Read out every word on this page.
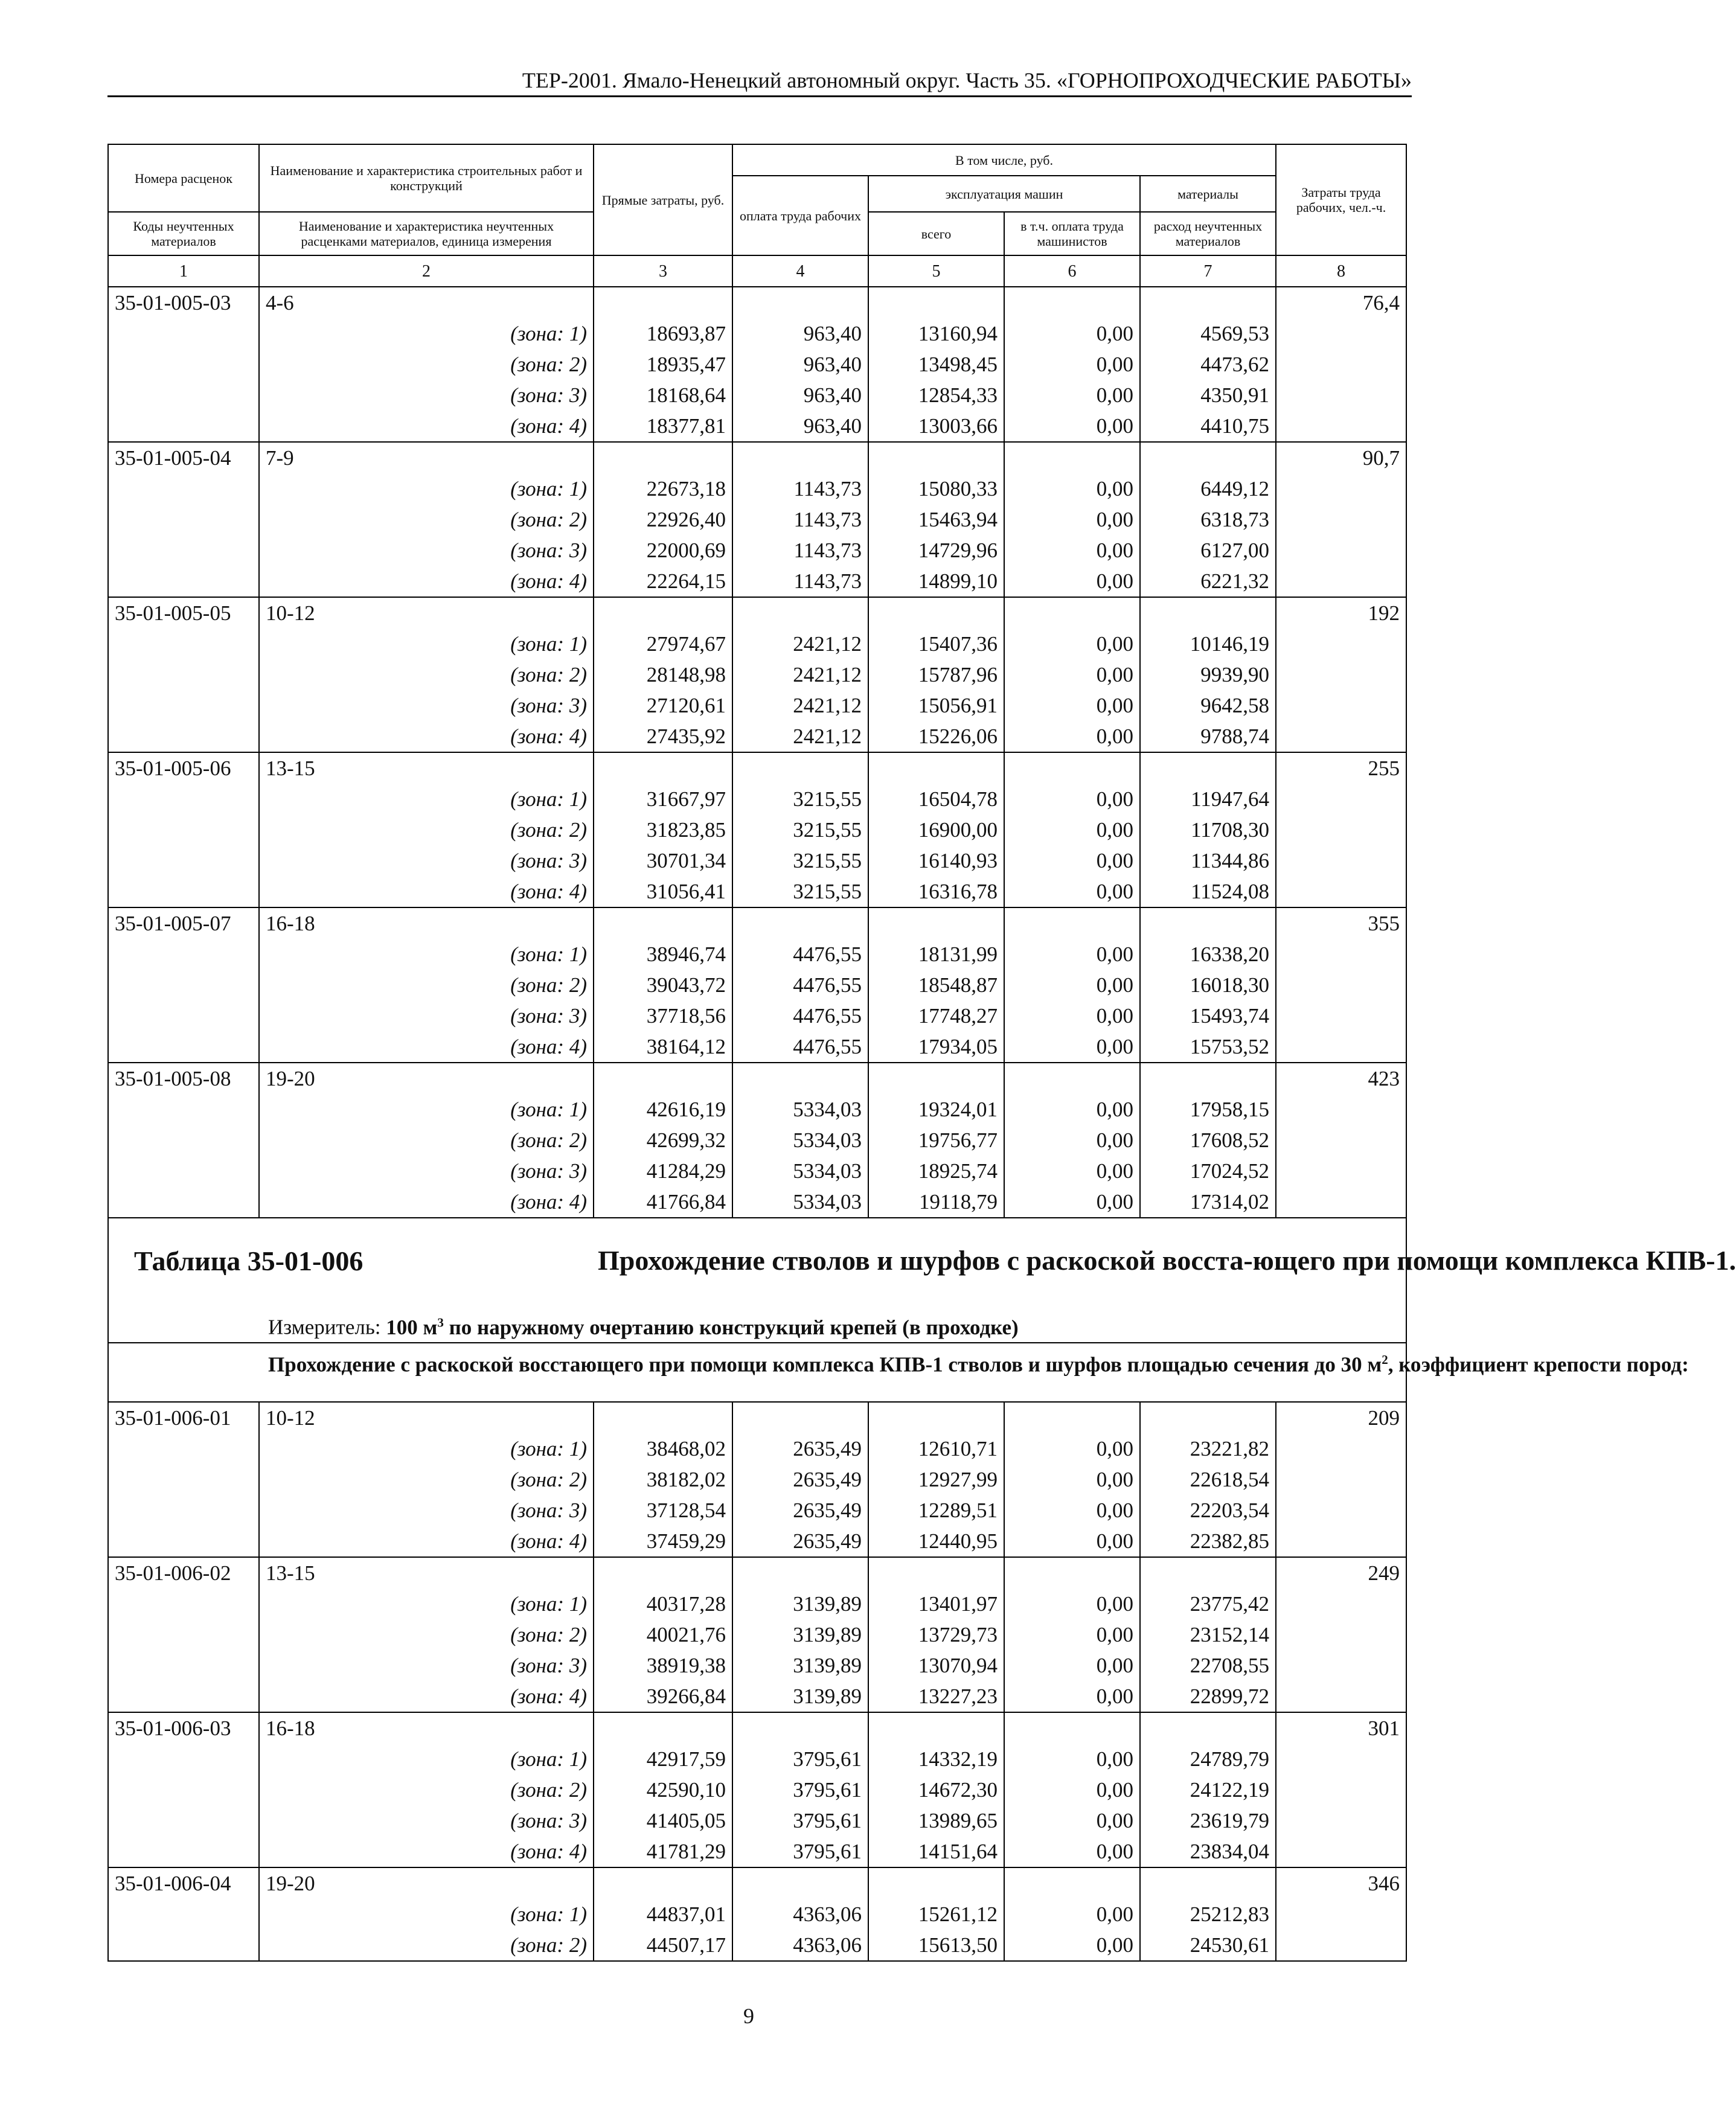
ТЕР-2001. Ямало-Ненецкий автономный округ. Часть 35. «ГОРНОПРОХОДЧЕСКИЕ РАБОТЫ»
Номера расценок	Наименование и характеристика строительных работ и конструкций	Прямые затраты, руб.	В том числе, руб.				Затраты труда рабочих, чел.-ч.
			оплата труда рабочих	эксплуатация машин		материалы	
Коды неучтенных материалов	Наименование и характеристика неучтенных расценками материалов, единица измерения			всего	в т.ч. оплата труда машинистов	расход неучтенных материалов	
1	2	3	4	5	6	7	8
35-01-005-03	4-6						76,4
	(зона: 1)	18693,87	963,40	13160,94	0,00	4569,53	
	(зона: 2)	18935,47	963,40	13498,45	0,00	4473,62	
	(зона: 3)	18168,64	963,40	12854,33	0,00	4350,91	
	(зона: 4)	18377,81	963,40	13003,66	0,00	4410,75	
35-01-005-04	7-9						90,7
	(зона: 1)	22673,18	1143,73	15080,33	0,00	6449,12	
	(зона: 2)	22926,40	1143,73	15463,94	0,00	6318,73	
	(зона: 3)	22000,69	1143,73	14729,96	0,00	6127,00	
	(зона: 4)	22264,15	1143,73	14899,10	0,00	6221,32	
35-01-005-05	10-12						192
	(зона: 1)	27974,67	2421,12	15407,36	0,00	10146,19	
	(зона: 2)	28148,98	2421,12	15787,96	0,00	9939,90	
	(зона: 3)	27120,61	2421,12	15056,91	0,00	9642,58	
	(зона: 4)	27435,92	2421,12	15226,06	0,00	9788,74	
35-01-005-06	13-15						255
	(зона: 1)	31667,97	3215,55	16504,78	0,00	11947,64	
	(зона: 2)	31823,85	3215,55	16900,00	0,00	11708,30	
	(зона: 3)	30701,34	3215,55	16140,93	0,00	11344,86	
	(зона: 4)	31056,41	3215,55	16316,78	0,00	11524,08	
35-01-005-07	16-18						355
	(зона: 1)	38946,74	4476,55	18131,99	0,00	16338,20	
	(зона: 2)	39043,72	4476,55	18548,87	0,00	16018,30	
	(зона: 3)	37718,56	4476,55	17748,27	0,00	15493,74	
	(зона: 4)	38164,12	4476,55	17934,05	0,00	15753,52	
35-01-005-08	19-20						423
	(зона: 1)	42616,19	5334,03	19324,01	0,00	17958,15	
	(зона: 2)	42699,32	5334,03	19756,77	0,00	17608,52	
	(зона: 3)	41284,29	5334,03	18925,74	0,00	17024,52	
	(зона: 4)	41766,84	5334,03	19118,79	0,00	17314,02	

Таблица 35-01-006 Прохождение стволов и шурфов с раскоской восста-ющего при помощи комплекса КПВ-1.
Измеритель: 100 $м^3$ по наружному очертанию конструкций крепей (в проходке)							

Прохождение с раскоской восстающего при помощи комплекса КПВ-1 стволов и шурфов площадью сечения до 30 $м^2$, коэффициент крепости пород:							

35-01-006-01	10-12						209
	(зона: 1)	38468,02	2635,49	12610,71	0,00	23221,82	
	(зона: 2)	38182,02	2635,49	12927,99	0,00	22618,54	
	(зона: 3)	37128,54	2635,49	12289,51	0,00	22203,54	
	(зона: 4)	37459,29	2635,49	12440,95	0,00	22382,85	
35-01-006-02	13-15						249
	(зона: 1)	40317,28	3139,89	13401,97	0,00	23775,42	
	(зона: 2)	40021,76	3139,89	13729,73	0,00	23152,14	
	(зона: 3)	38919,38	3139,89	13070,94	0,00	22708,55	
	(зона: 4)	39266,84	3139,89	13227,23	0,00	22899,72	
35-01-006-03	16-18						301
	(зона: 1)	42917,59	3795,61	14332,19	0,00	24789,79	
	(зона: 2)	42590,10	3795,61	14672,30	0,00	24122,19	
	(зона: 3)	41405,05	3795,61	13989,65	0,00	23619,79	
	(зона: 4)	41781,29	3795,61	14151,64	0,00	23834,04	
35-01-006-04	19-20						346
	(зона: 1)	44837,01	4363,06	15261,12	0,00	25212,83	
	(зона: 2)	44507,17	4363,06	15613,50	0,00	24530,61	
9
